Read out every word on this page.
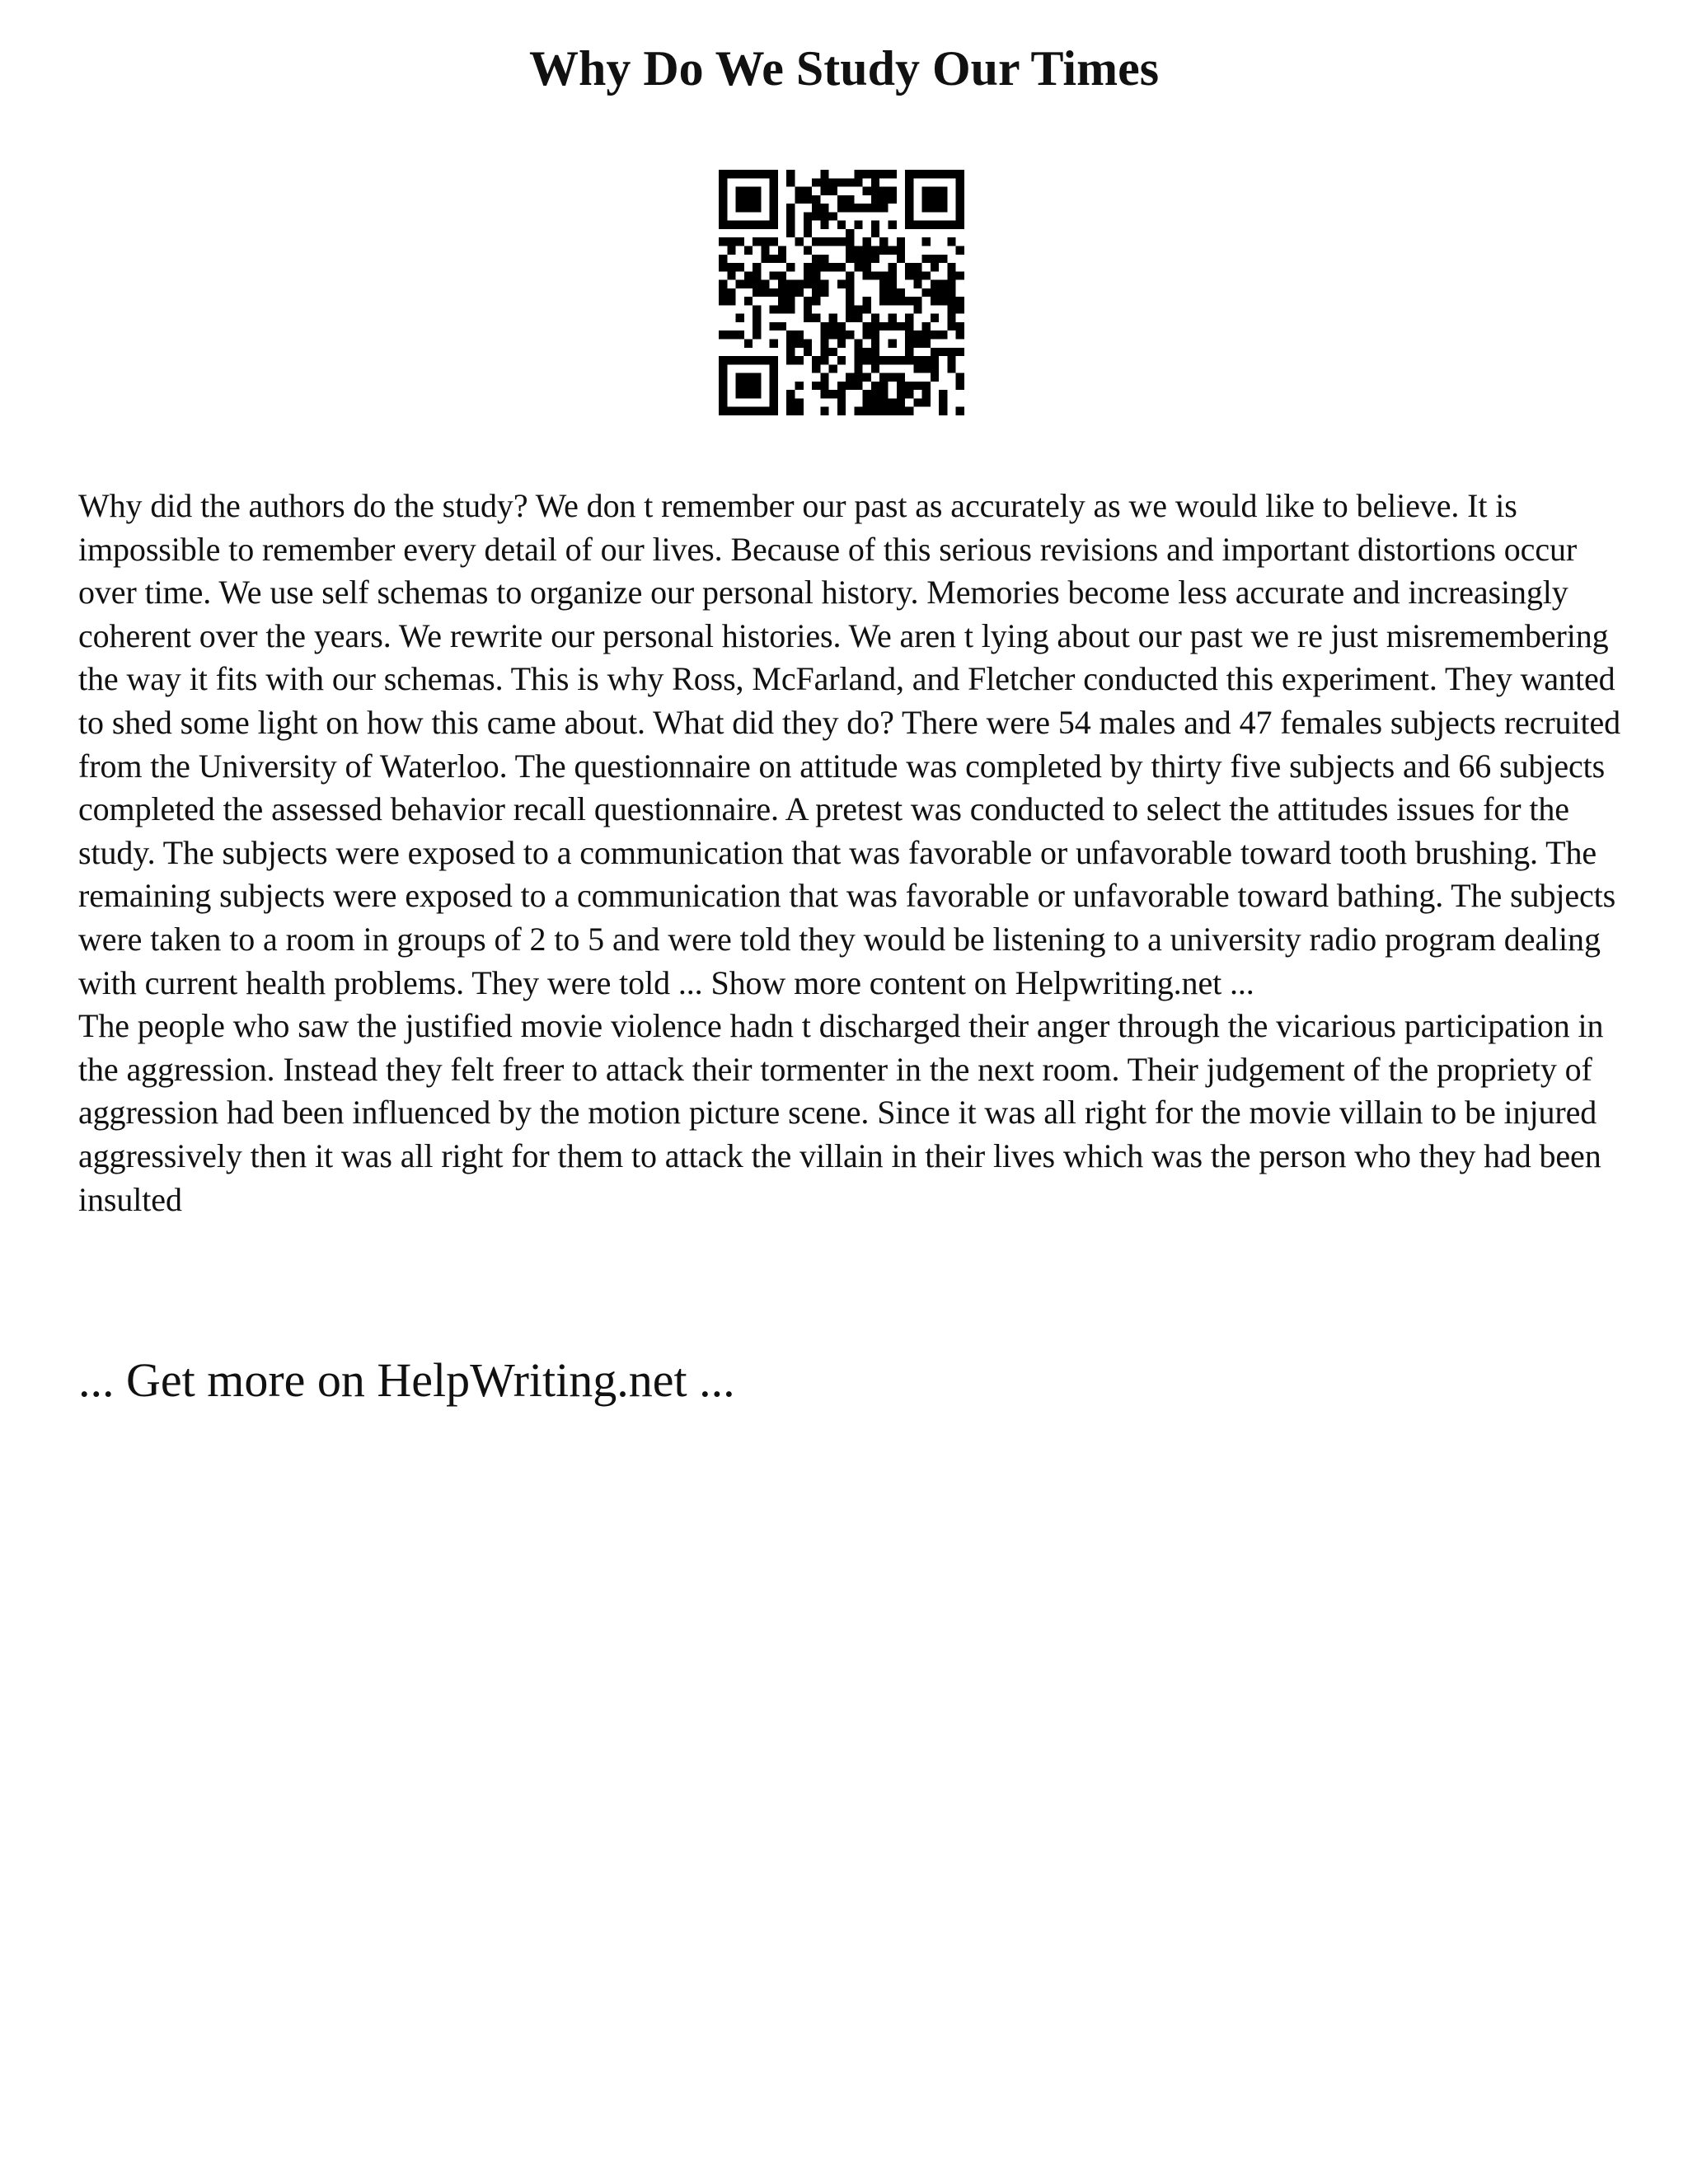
Why Do We Study Our Times

Why did the authors do the study? We don t remember our past as accurately as we would like to believe. It is impossible to remember every detail of our lives. Because of this serious revisions and important distortions occur over time. We use self schemas to organize our personal history. Memories become less accurate and increasingly coherent over the years. We rewrite our personal histories. We aren t lying about our past we re just misremembering the way it fits with our schemas. This is why Ross, McFarland, and Fletcher conducted this experiment. They wanted to shed some light on how this came about. What did they do? There were 54 males and 47 females subjects recruited from the University of Waterloo. The questionnaire on attitude was completed by thirty five subjects and 66 subjects completed the assessed behavior recall questionnaire. A pretest was conducted to select the attitudes issues for the study. The subjects were exposed to a communication that was favorable or unfavorable toward tooth brushing. The remaining subjects were exposed to a communication that was favorable or unfavorable toward bathing. The subjects were taken to a room in groups of 2 to 5 and were told they would be listening to a university radio program dealing with current health problems. They were told ... Show more content on Helpwriting.net ...

The people who saw the justified movie violence hadn t discharged their anger through the vicarious participation in the aggression. Instead they felt freer to attack their tormenter in the next room. Their judgement of the propriety of aggression had been influenced by the motion picture scene. Since it was all right for the movie villain to be injured aggressively then it was all right for them to attack the villain in their lives which was the person who they had been insulted

... Get more on HelpWriting.net ...
